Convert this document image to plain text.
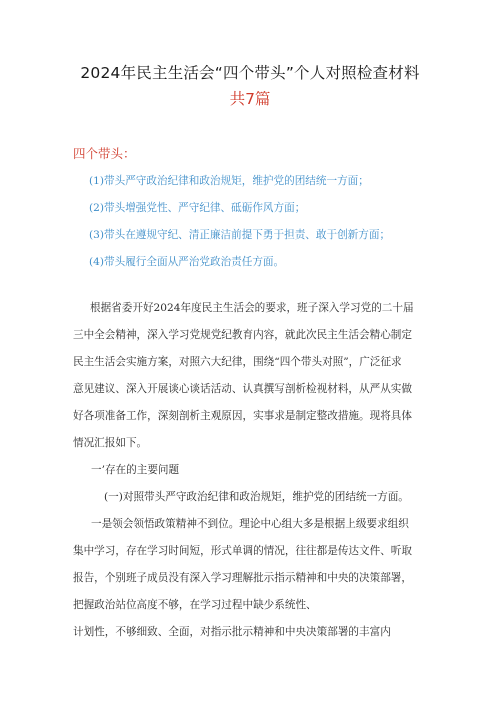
2024年民主生活会“四个带头”个人对照检查材料
共7篇
四个带头：
(1)带头严守政治纪律和政治规矩，维护党的团结统一方面；
(2)带头增强党性、严守纪律、砥砺作风方面；
(3)带头在遵规守纪、清正廉洁前提下勇于担责、敢于创新方面；
(4)带头履行全面从严治党政治责任方面。
根据省委开好2024年度民主生活会的要求，班子深入学习党的二十届
三中全会精神，深入学习党规党纪教育内容，就此次民主生活会精心制定
民主生活会实施方案，对照六大纪律，围绕“四个带头对照”，广泛征求
意见建议、深入开展谈心谈话活动、认真撰写剖析检视材料，从严从实做
好各项准备工作，深刻剖析主观原因，实事求是制定整改措施。现将具体
情况汇报如下。
一’存在的主要问题
(一)对照带头严守政治纪律和政治规矩，维护党的团结统一方面。
一是领会领悟政策精神不到位。理论中心组大多是根据上级要求组织
集中学习，存在学习时间短，形式单调的情况，往往都是传达文件、听取
报告，个别班子成员没有深入学习理解批示指示精神和中央的决策部署，
把握政治站位高度不够，在学习过程中缺少系统性、
计划性，不够细致、全面，对指示批示精神和中央决策部署的丰富内
